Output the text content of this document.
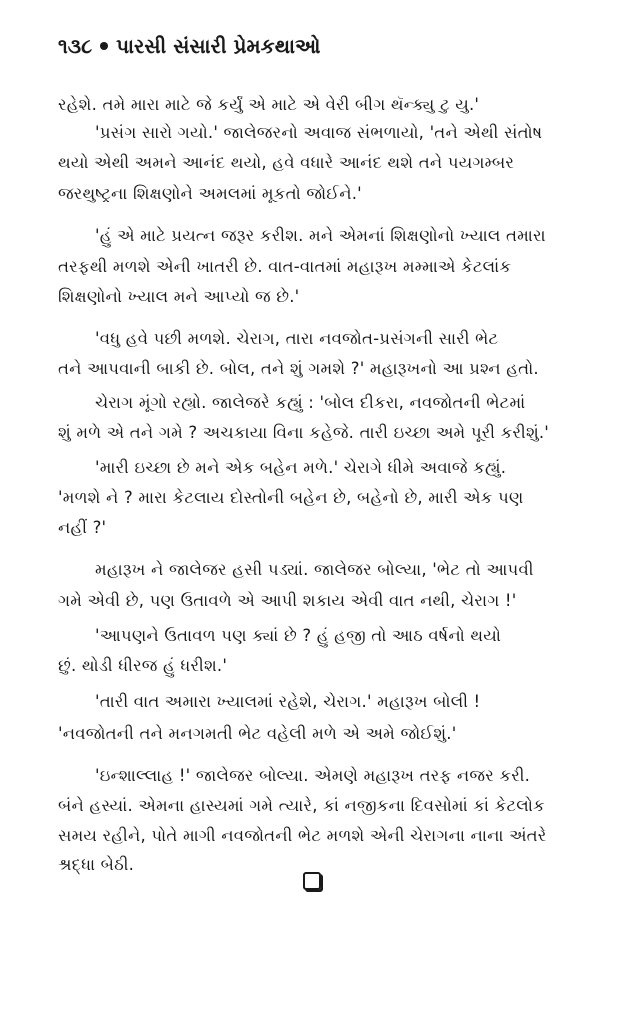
૧૩૮ પારસી સંસારી પ્રેમકથાઓ
રહેશે. તમે મારા માટે જે કર્યું એ માટે એ વેરી બીગ થૅન્ક્યુ ટુ યુ.'
'પ્રસંગ સારો ગયો.' જાલેજરનો અવાજ સંભળાયો, 'તને એથી સંતોષ
થયો એથી અમને આનંદ થયો, હવે વધારે આનંદ થશે તને પયગમ્બર
જરથુષ્ટ્રના શિક્ષણોને અમલમાં મૂકતો જોઈને.'
'હું એ માટે પ્રયત્ન જરૂર કરીશ. મને એમનાં શિક્ષણોનો ખ્યાલ તમારા
તરફથી મળશે એની ખાતરી છે. વાત-વાતમાં મહારૂખ મમ્માએ કેટલાંક
શિક્ષણોનો ખ્યાલ મને આપ્યો જ છે.'
'વધુ હવે પછી મળશે. ચેરાગ, તારા નવજોત-પ્રસંગની સારી ભેટ
તને આપવાની બાકી છે. બોલ, તને શું ગમશે ?' મહારૂખનો આ પ્રશ્ન હતો.
ચેરાગ મૂંગો રહ્યો. જાલેજરે કહ્યું : 'બોલ દીકરા, નવજોતની ભેટમાં
શું મળે એ તને ગમે ? અચકાયા વિના કહેજે. તારી ઇચ્છા અમે પૂરી કરીશું.'
'મારી ઇચ્છા છે મને એક બહેન મળે.' ચેરાગે ધીમે અવાજે કહ્યું.
'મળશે ને ? મારા કેટલાય દોસ્તોની બહેન છે, બહેનો છે, મારી એક પણ
નહીં ?'
મહારૂખ ને જાલેજર હસી પડ્યાં. જાલેજર બોલ્યા, 'ભેટ તો આપવી
ગમે એવી છે, પણ ઉતાવળે એ આપી શકાય એવી વાત નથી, ચેરાગ !'
'આપણને ઉતાવળ પણ ક્યાં છે ? હું હજી તો આઠ વર્ષનો થયો
છું. થોડી ધીરજ હું ધરીશ.'
'તારી વાત અમારા ખ્યાલમાં રહેશે, ચેરાગ.' મહારૂખ બોલી !
'નવજોતની તને મનગમતી ભેટ વહેલી મળે એ અમે જોઈશું.'
'ઇન્શાલ્લાહ !' જાલેજર બોલ્યા. એમણે મહારૂખ તરફ નજર કરી.
બંને હસ્યાં. એમના હાસ્યમાં ગમે ત્યારે, કાં નજીકના દિવસોમાં કાં કેટલોક
સમય રહીને, પોતે માગી નવજોતની ભેટ મળશે એની ચેરાગના નાના અંતરે
શ્રદ્ધા બેઠી.
